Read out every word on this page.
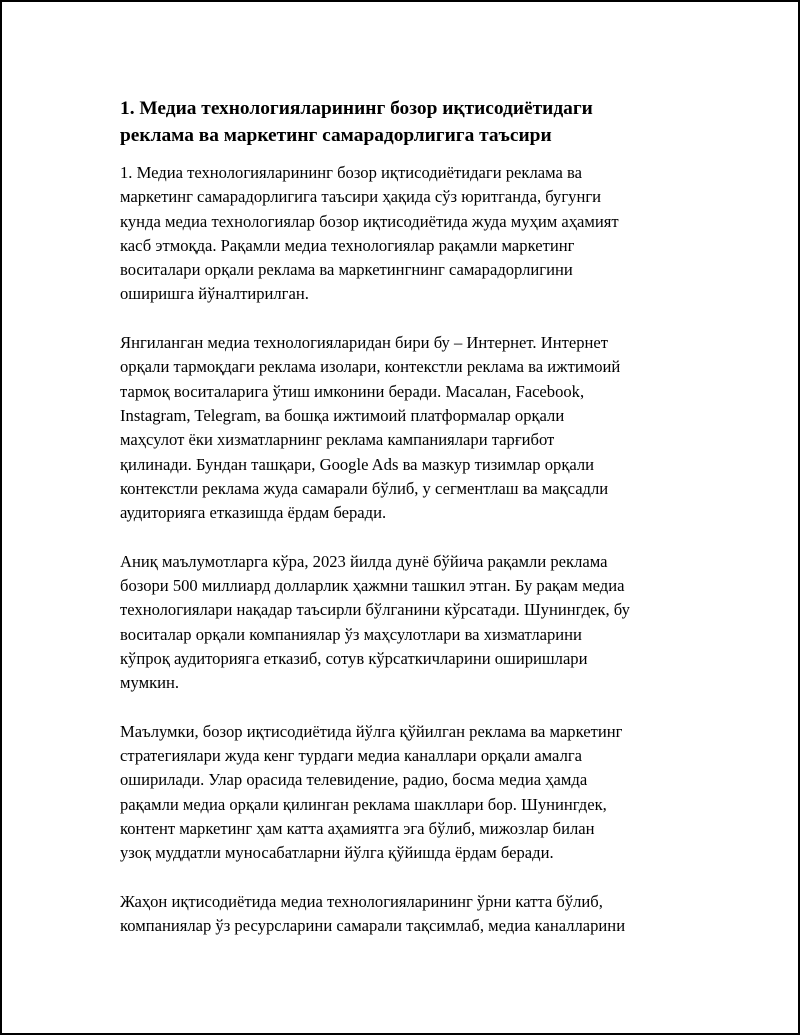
1. Медиа технологияларининг бозор иқтисодиётидаги
реклама ва маркетинг самарадорлигига таъсири
1. Медиа технологияларининг бозор иқтисодиётидаги реклама ва
маркетинг самарадорлигига таъсири ҳақида сўз юритганда, бугунги
кунда медиа технологиялар бозор иқтисодиётида жуда муҳим аҳамият
касб этмоқда. Рақамли медиа технологиялар рақамли маркетинг
воситалари орқали реклама ва маркетингнинг самарадорлигини
оширишга йўналтирилган.
Янгиланган медиа технологияларидан бири бу – Интернет. Интернет
орқали тармоқдаги реклама изолари, контекстли реклама ва ижтимоий
тармоқ воситаларига ўтиш имконини беради. Масалан, Facebook,
Instagram, Telegram, ва бошқа ижтимоий платформалар орқали
маҳсулот ёки хизматларнинг реклама кампаниялари тарғибот
қилинади. Бундан ташқари, Google Ads ва мазкур тизимлар орқали
контекстли реклама жуда самарали бўлиб, у сегментлаш ва мақсадли
аудиторияга етказишда ёрдам беради.
Аниқ маълумотларга кўра, 2023 йилда дунё бўйича рақамли реклама
бозори 500 миллиард долларлик ҳажмни ташкил этган. Бу рақам медиа
технологиялари нақадар таъсирли бўлганини кўрсатади. Шунингдек, бу
воситалар орқали компаниялар ўз маҳсулотлари ва хизматларини
кўпроқ аудиторияга етказиб, сотув кўрсаткичларини оширишлари
мумкин.
Маълумки, бозор иқтисодиётида йўлга қўйилган реклама ва маркетинг
стратегиялари жуда кенг турдаги медиа каналлари орқали амалга
оширилади. Улар орасида телевидение, радио, босма медиа ҳамда
рақамли медиа орқали қилинган реклама шакллари бор. Шунингдек,
контент маркетинг ҳам катта аҳамиятга эга бўлиб, мижозлар билан
узоқ муддатли муносабатларни йўлга қўйишда ёрдам беради.
Жаҳон иқтисодиётида медиа технологияларининг ўрни катта бўлиб,
компаниялар ўз ресурсларини самарали тақсимлаб, медиа каналларини
